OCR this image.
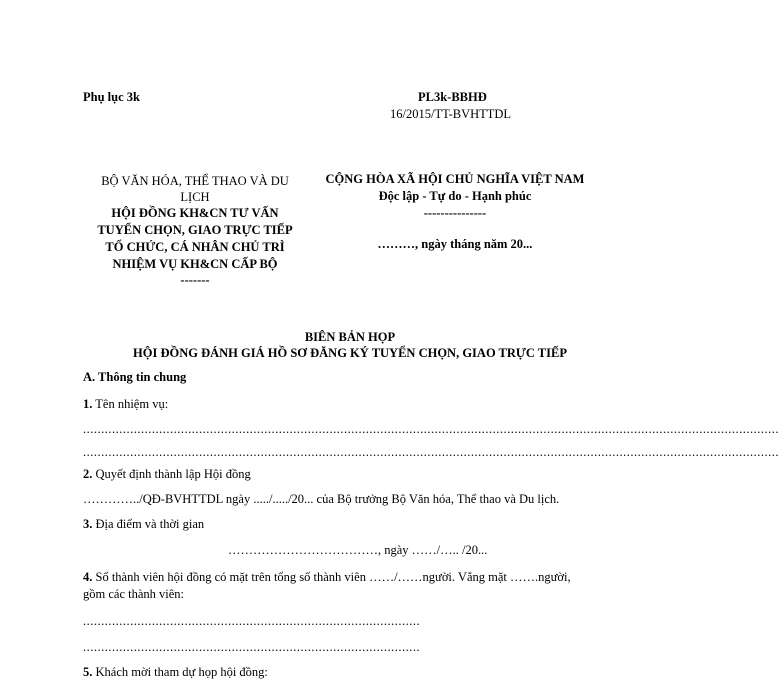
Phụ lục 3k	PL3k-BBHĐ
16/2015/TT-BVHTTDL
BỘ VĂN HÓA, THỂ THAO VÀ DU
LỊCH
HỘI ĐỒNG KH&CN TƯ VẤN
TUYỂN CHỌN, GIAO TRỰC TIẾP
TỔ CHỨC, CÁ NHÂN CHỦ TRÌ
NHIỆM VỤ KH&CN CẤP BỘ
-------
CỘNG HÒA XÃ HỘI CHỦ NGHĨA VIỆT NAM
Độc lập - Tự do - Hạnh phúc
---------------
………, ngày tháng năm 20...
BIÊN BẢN HỌP
HỘI ĐỒNG ĐÁNH GIÁ HỒ SƠ ĐĂNG KÝ TUYỂN CHỌN, GIAO TRỰC TIẾP
A. Thông tin chung
1. Tên nhiệm vụ:
................................................................................................................................................................................................
................................................................................................................................................................................................
2. Quyết định thành lập Hội đồng
…………../QĐ-BVHTTDL ngày ...../...../20... của Bộ trưởng Bộ Văn hóa, Thể thao và Du lịch.
3. Địa điểm và thời gian
………………………………, ngày ……/….. /20...
4. Số thành viên hội đồng có mặt trên tổng số thành viên ……/……người. Vắng mặt …….người,
gồm các thành viên:
.............................................................................................
.............................................................................................
5. Khách mời tham dự họp hội đồng:
